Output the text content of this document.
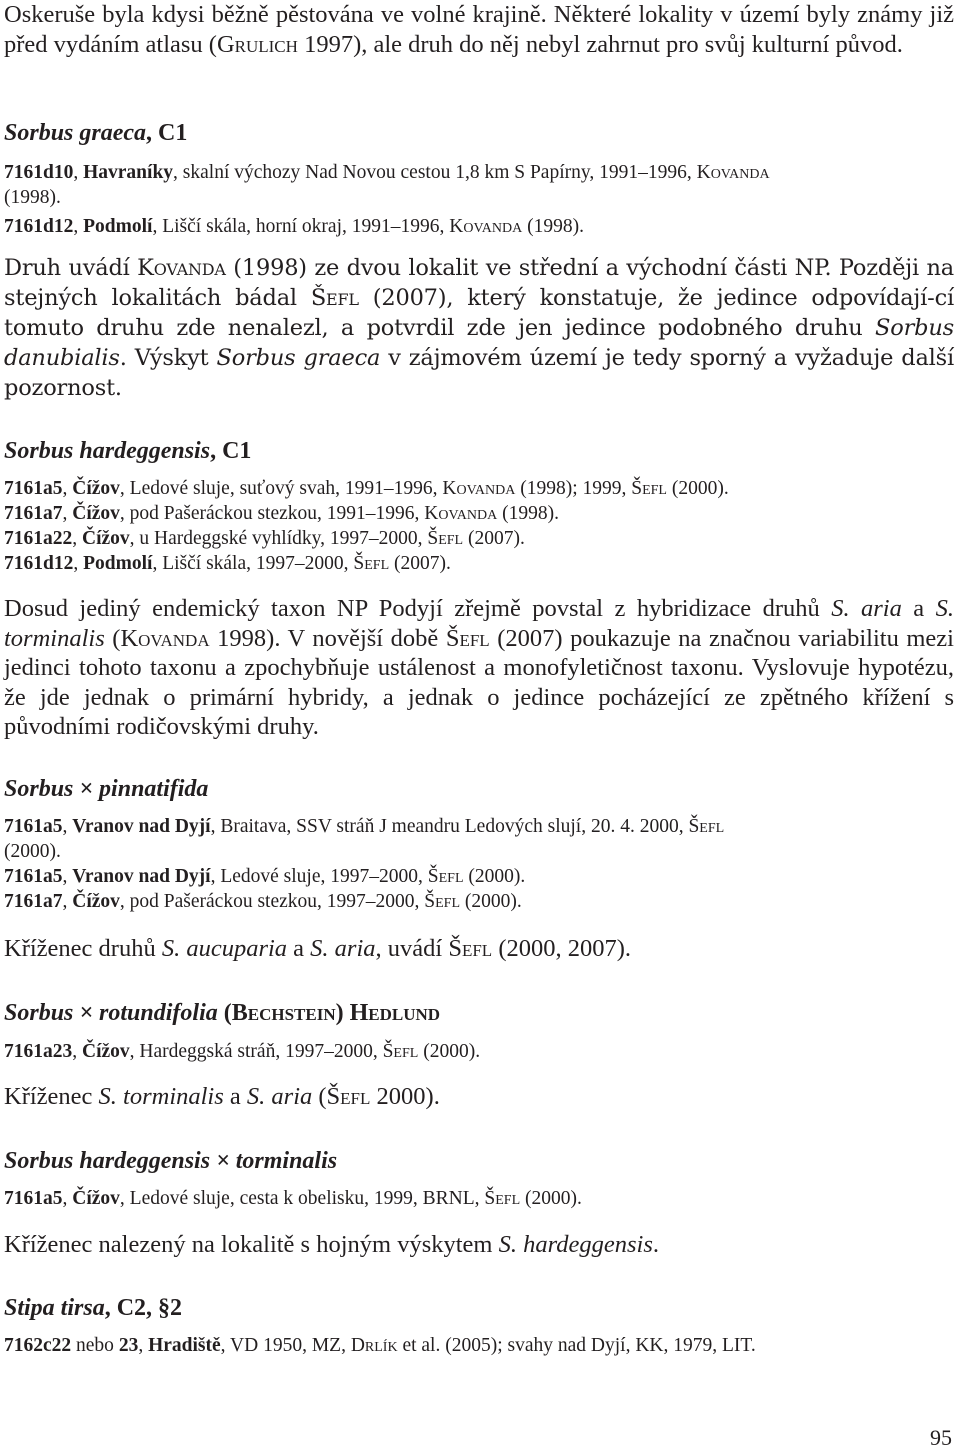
Oskeruše byla kdysi běžně pěstována ve volné krajině. Některé lokality v území byly známy již před vydáním atlasu (Grulich 1997), ale druh do něj nebyl zahrnut pro svůj kulturní původ.

Sorbus graeca, C1

7161d10, Havraníky, skalní výchozy Nad Novou cestou 1,8 km S Papírny, 1991–1996, Kovanda
(1998).
7161d12, Podmolí, Liščí skála, horní okraj, 1991–1996, Kovanda (1998).

Druh uvádí Kovanda (1998) ze dvou lokalit ve střední a východní části NP. Později na stejných lokalitách bádal Šefl (2007), který konstatuje, že jedince odpovídají-cí tomuto druhu zde nenalezl, a potvrdil zde jen jedince podobného druhu Sorbus danubialis. Výskyt Sorbus graeca v zájmovém území je tedy sporný a vyžaduje další pozornost.

Sorbus hardeggensis, C1

7161a5, Čížov, Ledové sluje, suťový svah, 1991–1996, Kovanda (1998); 1999, Šefl (2000).
7161a7, Čížov, pod Pašeráckou stezkou, 1991–1996, Kovanda (1998).
7161a22, Čížov, u Hardeggské vyhlídky, 1997–2000, Šefl (2007).
7161d12, Podmolí, Liščí skála, 1997–2000, Šefl (2007).

Dosud jediný endemický taxon NP Podyjí zřejmě povstal z hybridizace druhů S. aria a S. torminalis (Kovanda 1998). V novější době Šefl (2007) poukazuje na značnou variabilitu mezi jedinci tohoto taxonu a zpochybňuje ustálenost a monofyletičnost taxonu. Vyslovuje hypotézu, že jde jednak o primární hybridy, a jednak o jedince pocházející ze zpětného křížení s původními rodičovskými druhy.

Sorbus × pinnatifida

7161a5, Vranov nad Dyjí, Braitava, SSV stráň J meandru Ledových slují, 20. 4. 2000, Šefl
(2000).
7161a5, Vranov nad Dyjí, Ledové sluje, 1997–2000, Šefl (2000).
7161a7, Čížov, pod Pašeráckou stezkou, 1997–2000, Šefl (2000).

Kříženec druhů S. aucuparia a S. aria, uvádí Šefl (2000, 2007).

Sorbus × rotundifolia (Bechstein) Hedlund

7161a23, Čížov, Hardeggská stráň, 1997–2000, Šefl (2000).

Kříženec S. torminalis a S. aria (Šefl 2000).

Sorbus hardeggensis × torminalis

7161a5, Čížov, Ledové sluje, cesta k obelisku, 1999, BRNL, Šefl (2000).

Kříženec nalezený na lokalitě s hojným výskytem S. hardeggensis.

Stipa tirsa, C2, §2

7162c22 nebo 23, Hradiště, VD 1950, MZ, Drlík et al. (2005); svahy nad Dyjí, KK, 1979, LIT.
95
